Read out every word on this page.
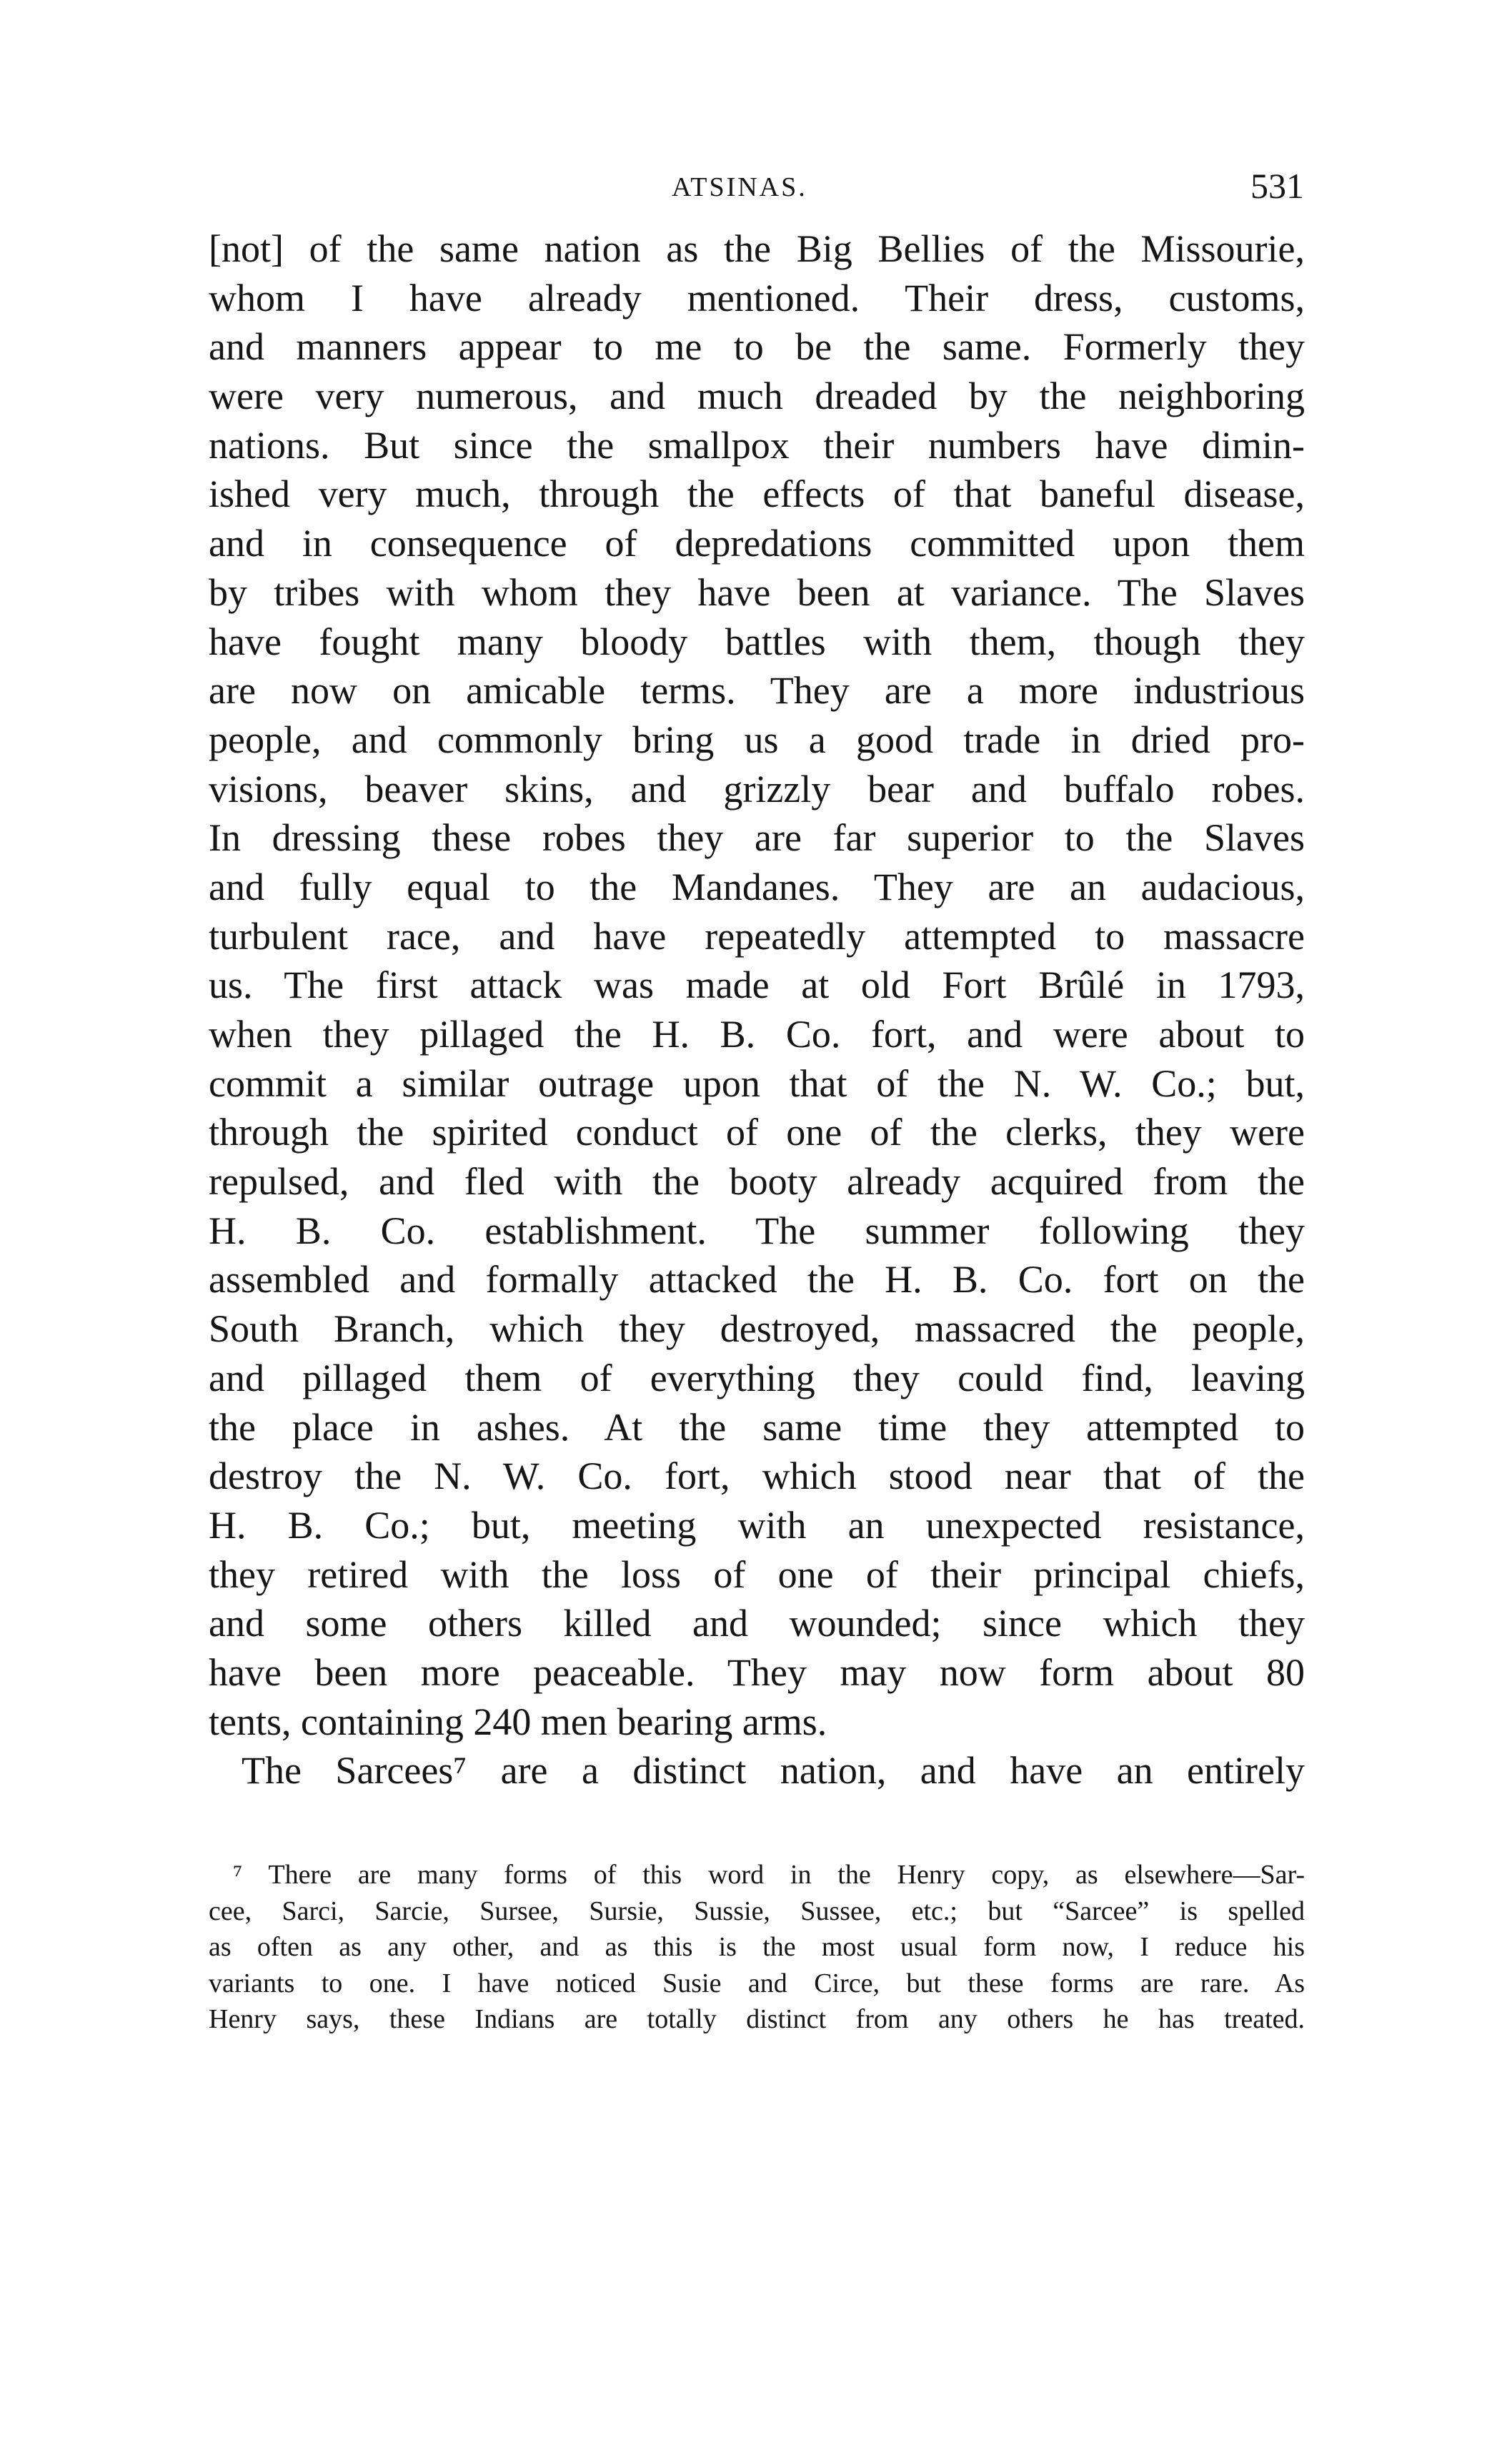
ATSINAS.	531
[not] of the same nation as the Big Bellies of the Missourie,
whom I have already mentioned. Their dress, customs,
and manners appear to me to be the same. Formerly they
were very numerous, and much dreaded by the neighboring
nations. But since the smallpox their numbers have dimin-
ished very much, through the effects of that baneful disease,
and in consequence of depredations committed upon them
by tribes with whom they have been at variance. The Slaves
have fought many bloody battles with them, though they
are now on amicable terms. They are a more industrious
people, and commonly bring us a good trade in dried pro-
visions, beaver skins, and grizzly bear and buffalo robes.
In dressing these robes they are far superior to the Slaves
and fully equal to the Mandanes. They are an audacious,
turbulent race, and have repeatedly attempted to massacre
us. The first attack was made at old Fort Brûlé in 1793,
when they pillaged the H. B. Co. fort, and were about to
commit a similar outrage upon that of the N. W. Co.; but,
through the spirited conduct of one of the clerks, they were
repulsed, and fled with the booty already acquired from the
H. B. Co. establishment. The summer following they
assembled and formally attacked the H. B. Co. fort on the
South Branch, which they destroyed, massacred the people,
and pillaged them of everything they could find, leaving
the place in ashes. At the same time they attempted to
destroy the N. W. Co. fort, which stood near that of the
H. B. Co.; but, meeting with an unexpected resistance,
they retired with the loss of one of their principal chiefs,
and some others killed and wounded; since which they
have been more peaceable. They may now form about 80
tents, containing 240 men bearing arms.
The Sarcees⁷ are a distinct nation, and have an entirely
⁷ There are many forms of this word in the Henry copy, as elsewhere—Sar-
cee, Sarci, Sarcie, Sursee, Sursie, Sussie, Sussee, etc.; but “Sarcee” is spelled
as often as any other, and as this is the most usual form now, I reduce his
variants to one. I have noticed Susie and Circe, but these forms are rare. As
Henry says, these Indians are totally distinct from any others he has treated.
